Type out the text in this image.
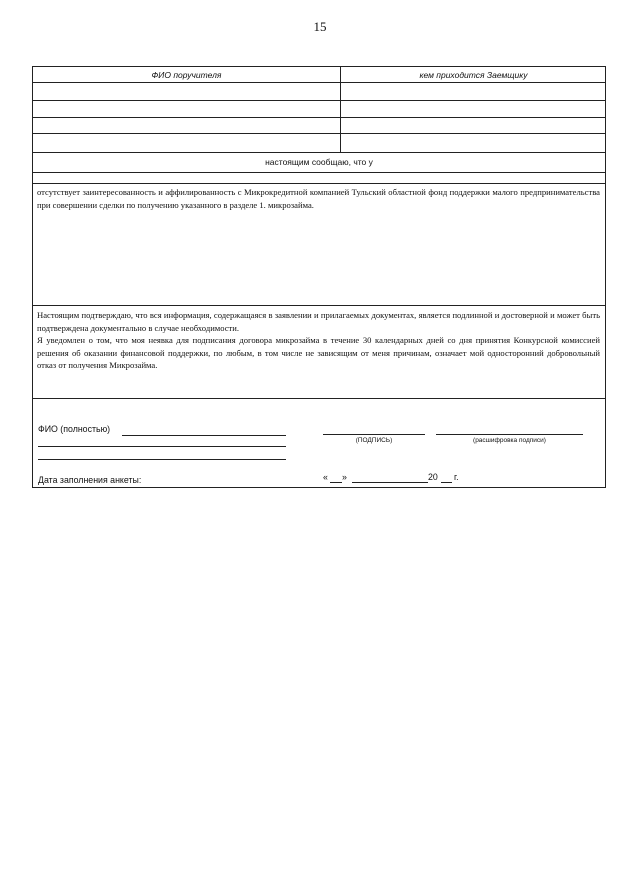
15
ФИО поручителя	кем приходится Заемщику
настоящим сообщаю, что у
отсутствует заинтересованность и аффилированность с Микрокредитной компанией Тульский областной фонд поддержки малого предпринимательства при совершении сделки по получению указанного в разделе 1. микрозайма.
Настоящим подтверждаю, что вся информация, содержащаяся в заявлении и прилагаемых документах, является подлинной и достоверной и может быть подтверждена документально в случае необходимости.
Я уведомлен о том, что моя неявка для подписания договора микрозайма в течение 30 календарных дней со дня принятия Конкурсной комиссией решения об оказании финансовой поддержки, по любым, в том числе не зависящим от меня причинам, означает мой односторонний добровольный отказ от получения Микрозайма.
ФИО (полностью)
(ПОДПИСЬ)	(расшифровка подписи)
Дата заполнения анкеты:	« »	20 г.
